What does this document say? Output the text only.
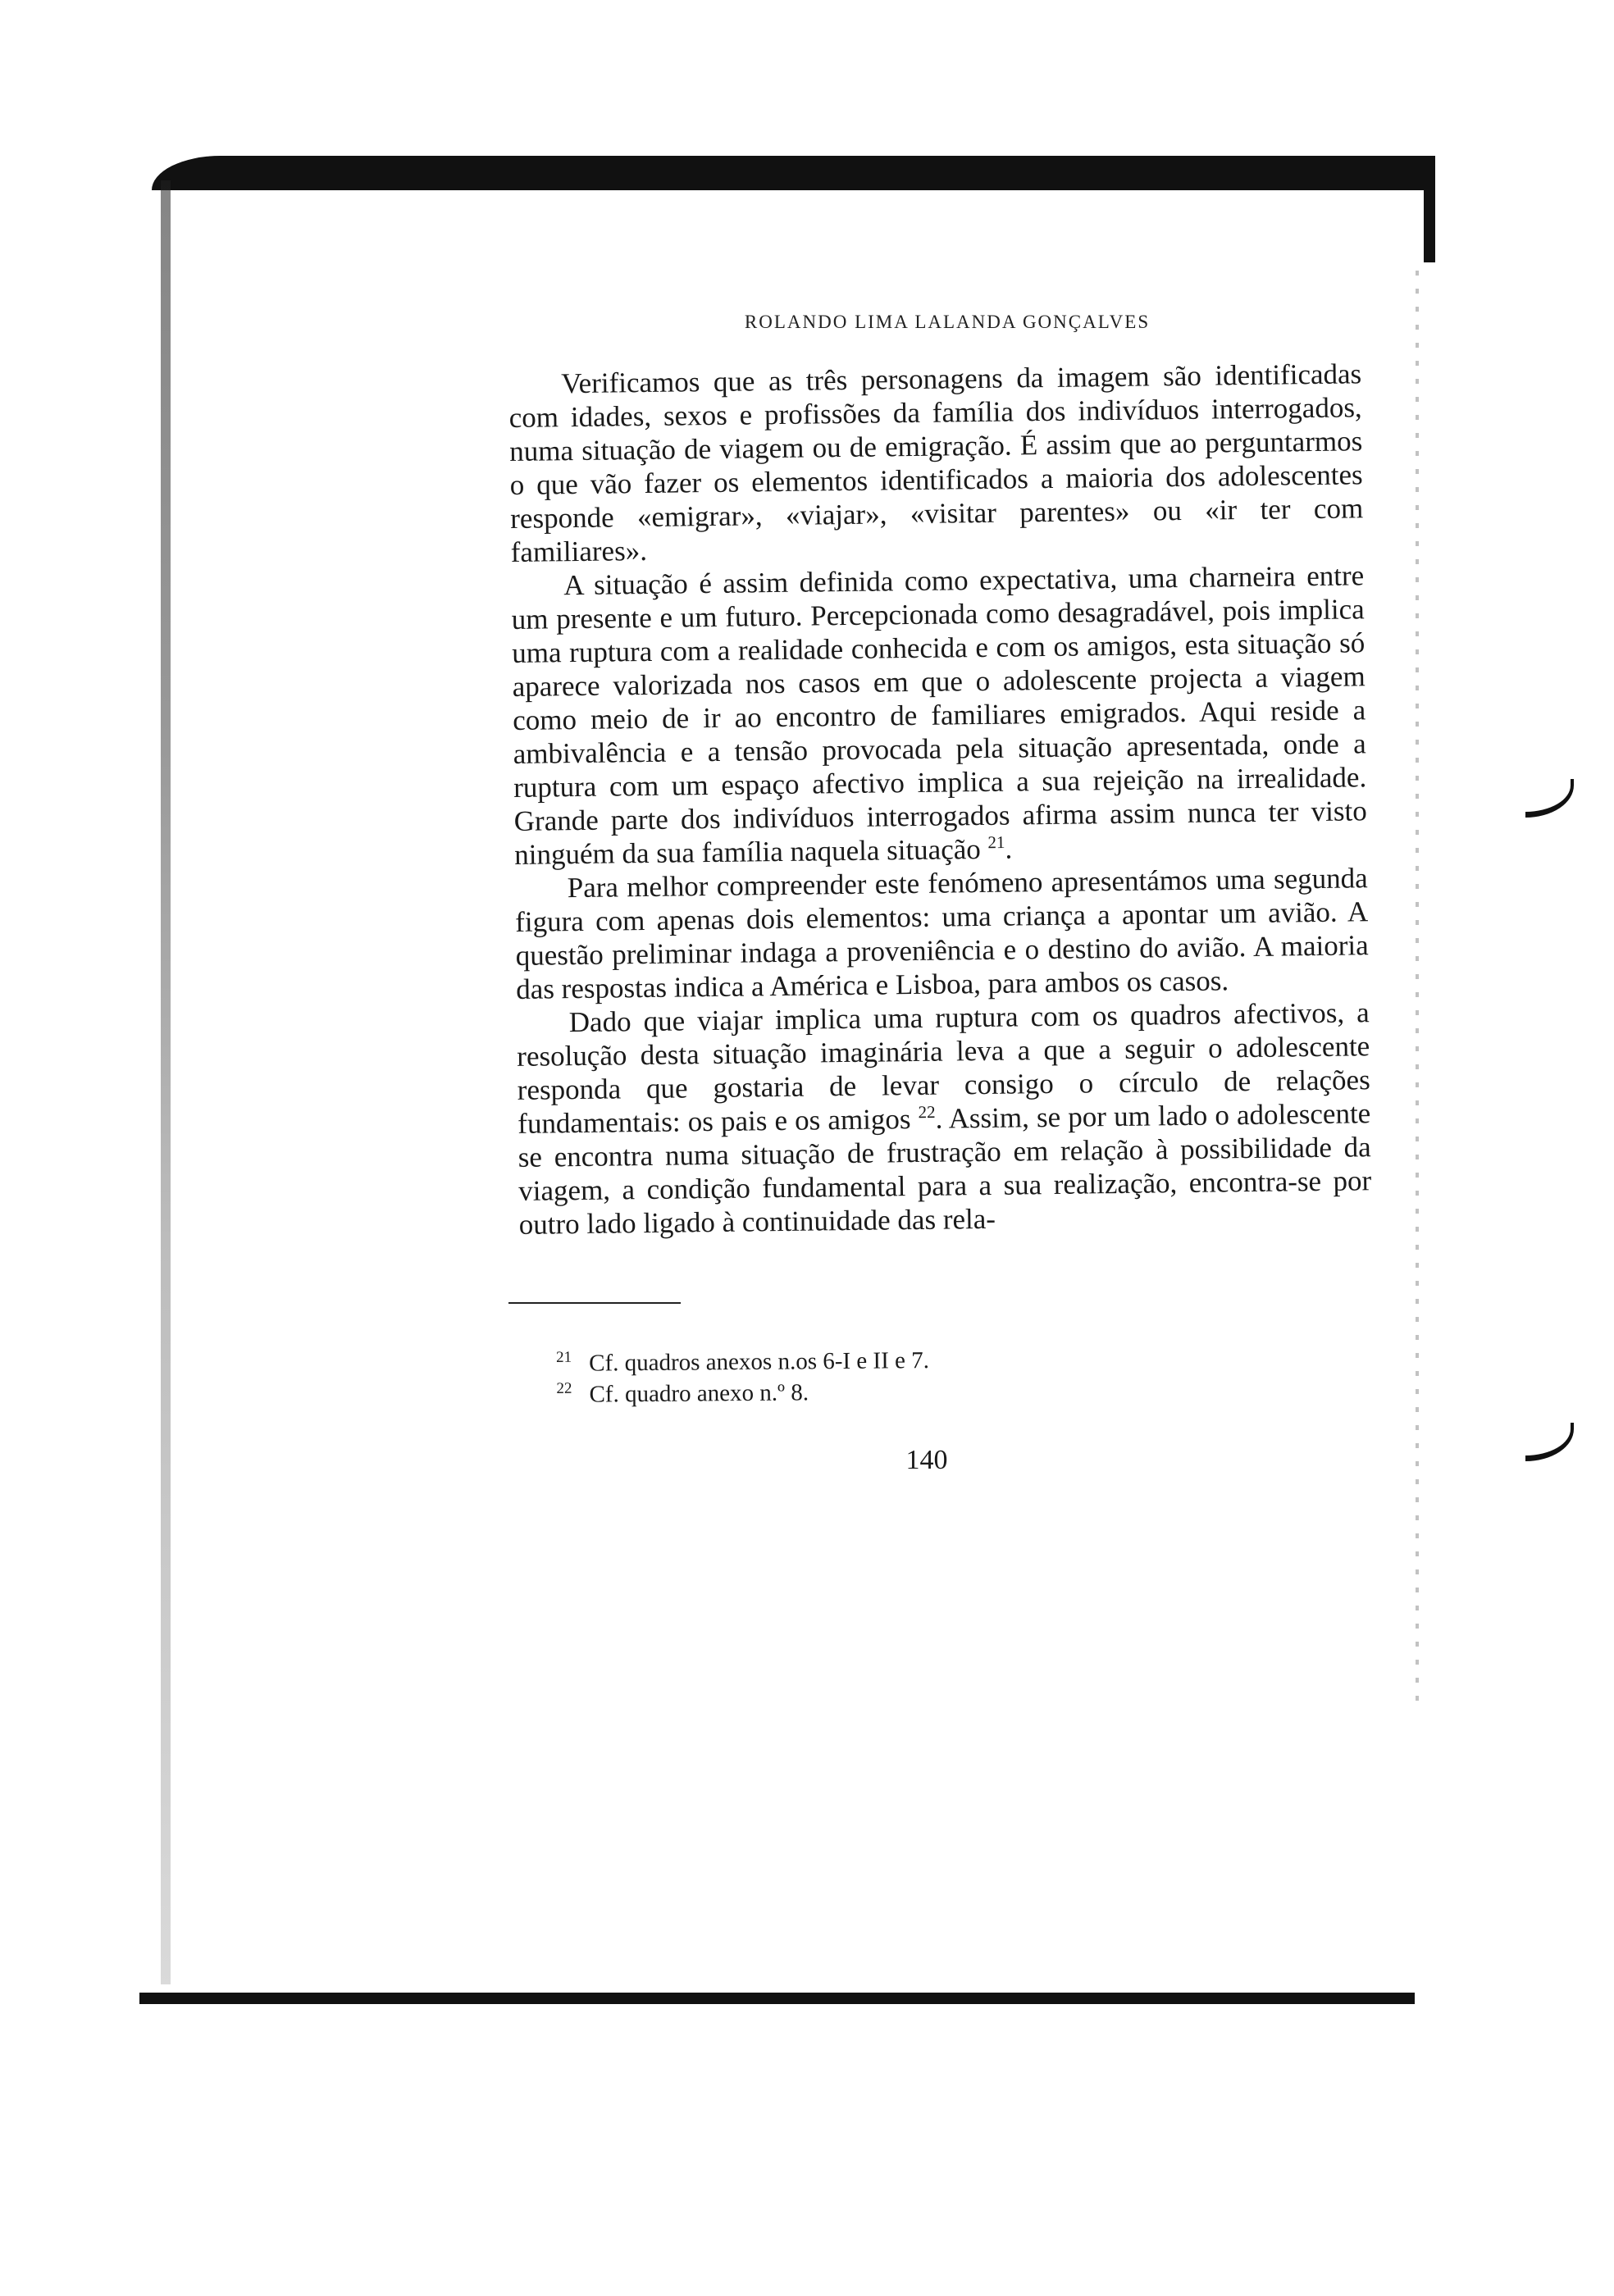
ROLANDO LIMA LALANDA GONÇALVES

Verificamos que as três personagens da imagem são identificadas com idades, sexos e profissões da família dos indivíduos interrogados, numa situação de viagem ou de emigração. É assim que ao perguntarmos o que vão fazer os elementos identificados a maioria dos adolescentes responde «emigrar», «viajar», «visitar parentes» ou «ir ter com familiares».

A situação é assim definida como expectativa, uma charneira entre um presente e um futuro. Percepcionada como desagradável, pois implica uma ruptura com a realidade conhecida e com os amigos, esta situação só aparece valorizada nos casos em que o adolescente projecta a viagem como meio de ir ao encontro de familiares emigrados. Aqui reside a ambivalência e a tensão provocada pela situação apresentada, onde a ruptura com um espaço afectivo implica a sua rejeição na irrealidade. Grande parte dos indivíduos interrogados afirma assim nunca ter visto ninguém da sua família naquela situação $^{21}$.

Para melhor compreender este fenómeno apresentámos uma segunda figura com apenas dois elementos: uma criança a apontar um avião. A questão preliminar indaga a proveniência e o destino do avião. A maioria das respostas indica a América e Lisboa, para ambos os casos.

Dado que viajar implica uma ruptura com os quadros afectivos, a resolução desta situação imaginária leva a que a seguir o adolescente responda que gostaria de levar consigo o círculo de relações fundamentais: os pais e os amigos $^{22}$. Assim, se por um lado o adolescente se encontra numa situação de frustração em relação à possibilidade da viagem, a condição fundamental para a sua realização, encontra-se por outro lado ligado à continuidade das rela-

21 Cf. quadros anexos n.os 6-I e II e 7.
22 Cf. quadro anexo n.º 8.
140
